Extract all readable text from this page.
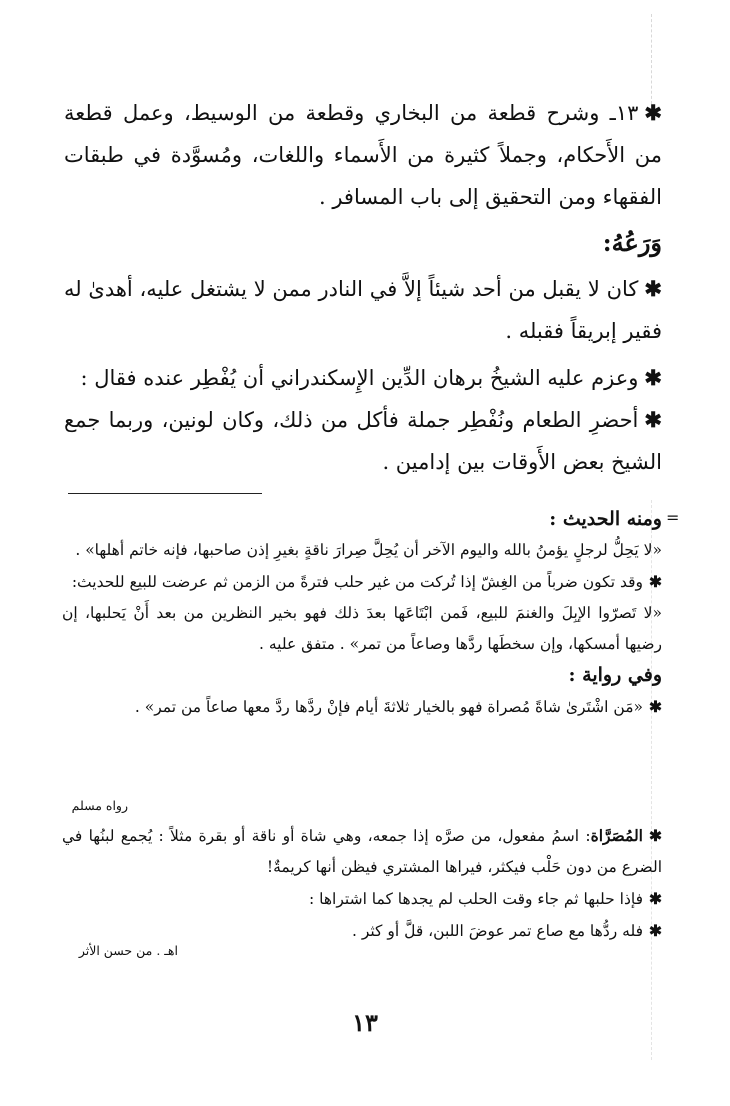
✱١٣ـ وشرح قطعة من البخاري وقطعة من الوسيط، وعمل قطعة من الأَحكام، وجملاً كثيرة من الأَسماء واللغات، ومُسوَّدة في طبقات الفقهاء ومن التحقيق إلى باب المسافر .

وَرَعُهُ:

✱كان لا يقبل من أحد شيئاً إلاَّ في النادر ممن لا يشتغل عليه، أهدىٰ له فقير إبريقاً فقبله .

✱وعزم عليه الشيخُ برهان الدِّين الإِسكندراني أن يُفْطِر عنده فقال :

✱أحضرِ الطعام ونُفْطِر جملة فأكل من ذلك، وكان لونين، وربما جمع الشيخ بعض الأَوقات بين إدامين .

=

ومنه الحديث :

«لا يَحِلُّ لرجلٍ يؤمنُ بالله واليوم الآخر أن يُحِلَّ صِرارَ ناقةٍ بغيرِ إذن صاحبها، فإنه خاتم أهلها» .

✱وقد تكون ضرباً من الغِشّ إذا تُركت من غير حلب فترةً من الزمن ثم عرضت للبيع للحديث:

«لا تَصرّوا الإبِلَ والغنمَ للبيع، فَمن ابْتَاعَها بعدَ ذلك فهو بخير النظرين من بعد أَنْ يَحلبها، إن رضيها أمسكها، وإن سخطَها ردَّها وصاعاً من تمر» . متفق عليه .

وفي رواية :

✱«مَن اشْتَرىٰ شاةً مُصراة فهو بالخيار ثلاثةَ أيام فإنْ ردَّها ردَّ معها صاعاً من تمر» .

رواه مسلم

✱المُصَرَّاة: اسمُ مفعول، من صرَّه إذا جمعه، وهي شاة أو ناقة أو بقرة مثلاً : يُجمع لبنُها في الضرع من دون حَلْب فيكثر، فيراها المشتري فيظن أنها كريمةٌ!

✱فإذا حلبها ثم جاء وقت الحلب لم يجدها كما اشتراها :

✱فله ردُّها مع صاع تمر عوضَ اللبن، قلَّ أو كثر .

اهـ . من حسن الأثر
١٣
